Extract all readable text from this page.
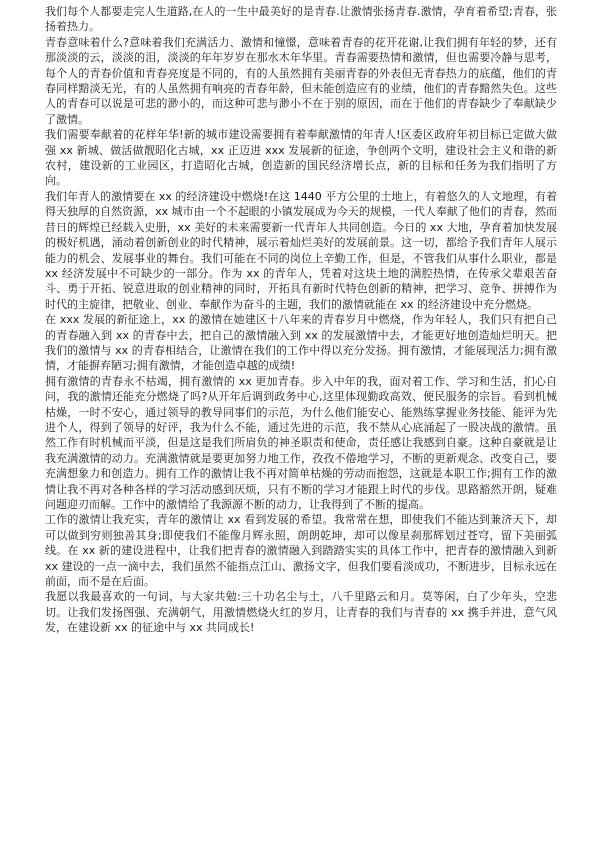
我们每个人都要走完人生道路,在人的一生中最美好的是青春.让激情张扬青春.激情，孕育着希望;青春，张扬着热力。

青春意味着什么?意味着我们充满活力、激情和憧憬，意味着青春的花开花谢,让我们拥有年轻的梦，还有那淡淡的云，淡淡的泪，淡淡的年年岁岁在那水木年华里。青春需要热情和激情，但也需要冷静与思考，每个人的青春价值和青春亮度是不同的，有的人虽然拥有美丽青春的外表但无青春热力的底蕴，他们的青春同样黯淡无光，有的人虽然拥有响亮的青春年龄，但未能创造应有的业绩，他们的青春黯然失色。这些人的青春可以说是可悲的渺小的，而这种可悲与渺小不在于别的原因，而在于他们的青春缺少了奉献缺少了激情。

我们需要奉献着的花样年华!新的城市建设需要拥有着奉献激情的年青人!区委区政府年初目标已定做大做强 xx 新城、做活做靓昭化古城，xx 正迈进 xxx 发展新的征途，争创两个文明，建设社会主义和谐的新农村，建设新的工业园区，打造昭化古城，创造新的国民经济增长点，新的目标和任务为我们指明了方向。

我们年青人的激情要在 xx 的经济建设中燃烧!在这 1440 平方公里的土地上，有着悠久的人文地理，有着得天独厚的自然资源，xx 城市由一个不起眼的小镇发展成为今天的规模，一代人奉献了他们的青春，然而昔日的辉煌已经载入史册，xx 美好的未来需要新一代青年人共同创造。今日的 xx 大地，孕育着加快发展的极好机遇，涌动着创新创业的时代精神，展示着灿烂美好的发展前景。这一切，都给予我们青年人展示能力的机会、发展事业的舞台。我们可能在不同的岗位上辛勤工作，但是，不管我们从事什么职业，都是 xx 经济发展中不可缺少的一部分。作为 xx 的青年人，凭着对这块土地的满腔热情，在传承父辈艰苦奋斗、勇于开拓、锐意进取的创业精神的同时，开拓具有新时代特色创新的精神，把学习、竞争、拼搏作为时代的主旋律，把敬业、创业、奉献作为奋斗的主题，我们的激情就能在 xx 的经济建设中充分燃烧。

在 xxx 发展的新征途上，xx 的激情在她建区十八年来的青春岁月中燃烧，作为年轻人，我们只有把自己的青春融入到 xx 的青春中去，把自己的激情融入到 xx 的发展激情中去，才能更好地创造灿烂明天。把我们的激情与 xx 的青春相结合，让激情在我们的工作中得以充分发扬。拥有激情，才能展现活力;拥有激情，才能摒弃陋习;拥有激情，才能创造卓越的成绩!

拥有激情的青春永不枯竭，拥有激情的 xx 更加青春。步入中年的我，面对着工作、学习和生活，扪心自问，我的激情还能充分燃烧了吗?从开年后调到政务中心,这里体现勤政高效、便民服务的宗旨。看到机械枯燥，一时不安心，通过领导的教导同事们的示范，为什么他们能安心、能熟练掌握业务技能、能评为先进个人，得到了领导的好评，我为什么不能，通过先进的示范，我不禁从心底涌起了一股决战的激情。虽然工作有时机械而平淡，但是这是我们所肩负的神圣职责和使命，责任感让我感到自豪。这种自豪就是让我充满激情的动力。充满激情就是要更加努力地工作，孜孜不倦地学习，不断的更新观念、改变自己，要充满想象力和创造力。拥有工作的激情让我不再对简单枯燥的劳动而抱怨，这就是本职工作;拥有工作的激情让我不再对各种各样的学习活动感到厌烦，只有不断的学习才能跟上时代的步伐。思路豁然开朗，疑难问题迎刃而解。工作中的激情给了我源源不断的动力，让我得到了不断的提高。

工作的激情让我充实，青年的激情让 xx 看到发展的希望。我常常在想，即使我们不能达到兼济天下，却可以做到穷则独善其身;即使我们不能像月辉永照，朗朗乾坤，却可以像星刹那辉划过苍穹，留下美丽弧线。在 xx 新的建设进程中，让我们把青春的激情融入到踏踏实实的具体工作中，把青春的激情融入到新 xx 建设的一点一滴中去，我们虽然不能指点江山、激扬文字，但我们要看淡成功，不断进步，目标永远在前面，而不是在后面。

我愿以我最喜欢的一句词，与大家共勉:三十功名尘与土，八千里路云和月。莫等闲，白了少年头，空悲切。让我们发扬图强、充满朝气，用激情燃烧火红的岁月，让青春的我们与青春的 xx 携手并进，意气风发，在建设新 xx 的征途中与 xx 共同成长!
